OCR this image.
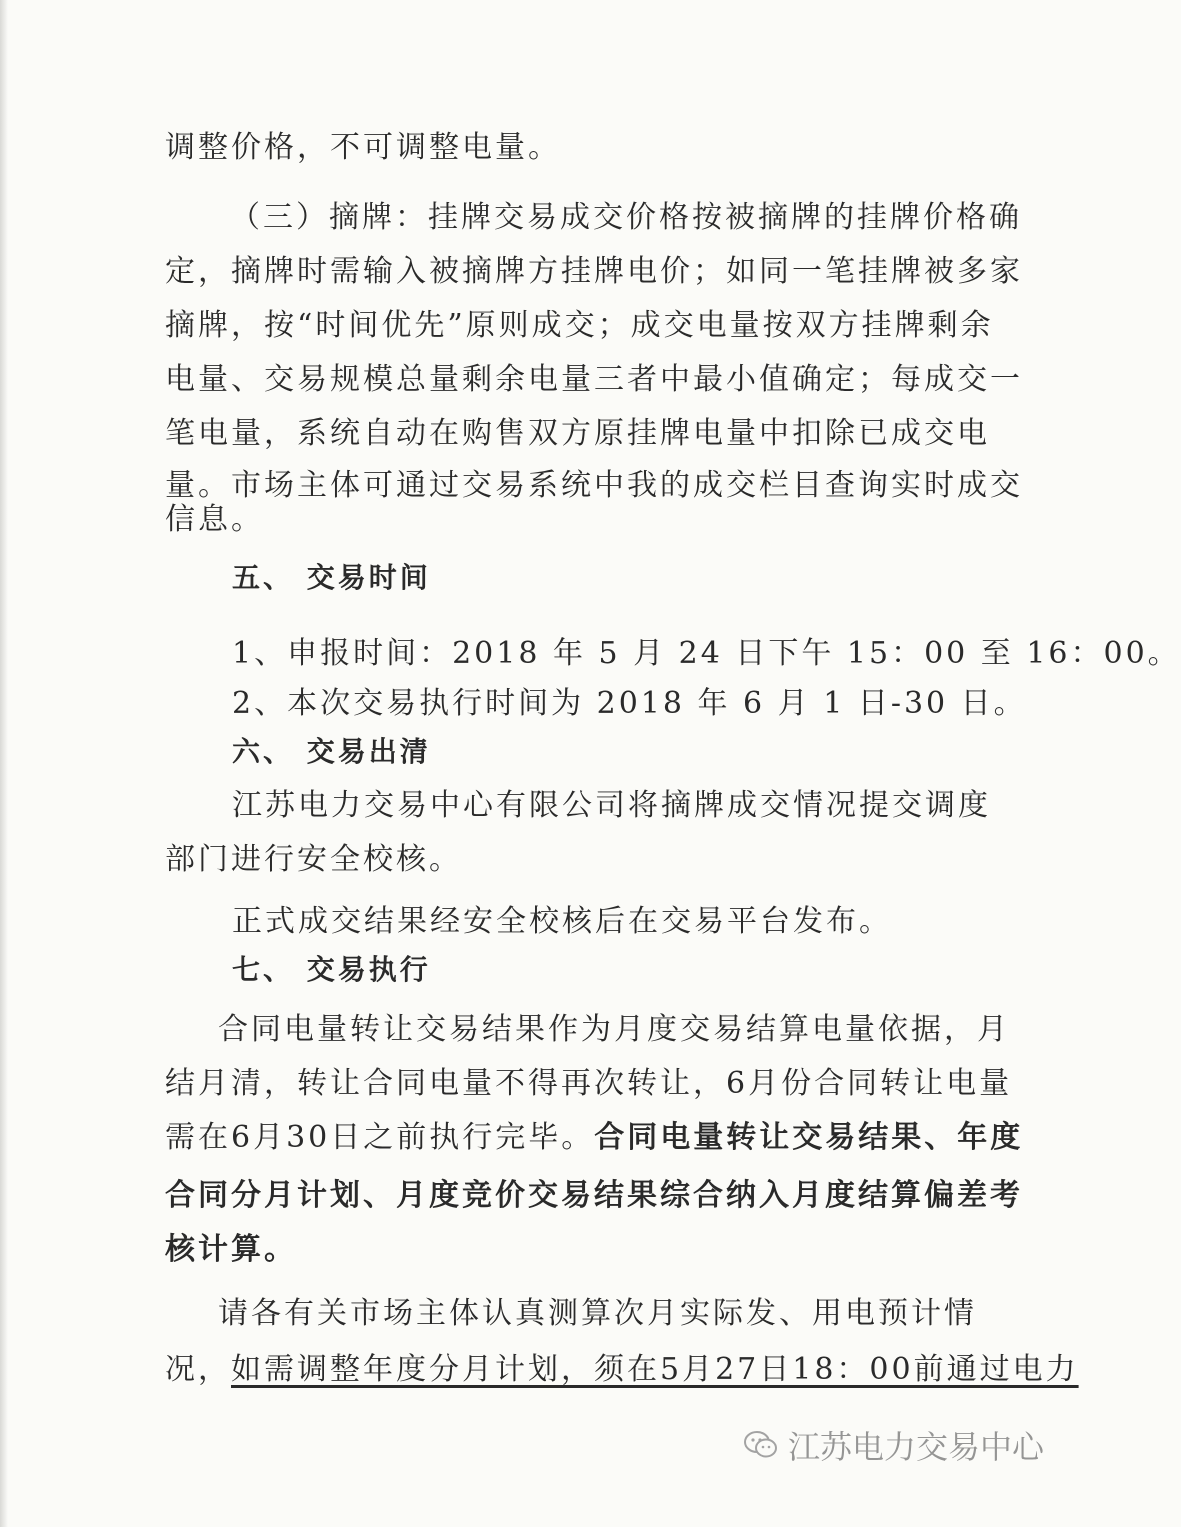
调整价格，不可调整电量。
（三）摘牌：挂牌交易成交价格按被摘牌的挂牌价格确
定，摘牌时需输入被摘牌方挂牌电价；如同一笔挂牌被多家
摘牌，按“时间优先”原则成交；成交电量按双方挂牌剩余
电量、交易规模总量剩余电量三者中最小值确定；每成交一
笔电量，系统自动在购售双方原挂牌电量中扣除已成交电
量。市场主体可通过交易系统中我的成交栏目查询实时成交
信息。
五、 交易时间
1、申报时间：2018 年 5 月 24 日下午 15：00 至 16：00。
2、本次交易执行时间为 2018 年 6 月 1 日-30 日。
六、 交易出清
江苏电力交易中心有限公司将摘牌成交情况提交调度
部门进行安全校核。
正式成交结果经安全校核后在交易平台发布。
七、 交易执行
合同电量转让交易结果作为月度交易结算电量依据，月
结月清，转让合同电量不得再次转让，6月份合同转让电量
需在6月30日之前执行完毕。合同电量转让交易结果、年度
合同分月计划、月度竞价交易结果综合纳入月度结算偏差考
核计算。
请各有关市场主体认真测算次月实际发、用电预计情
况，如需调整年度分月计划，须在5月27日18：00前通过电力
江苏电力交易中心
